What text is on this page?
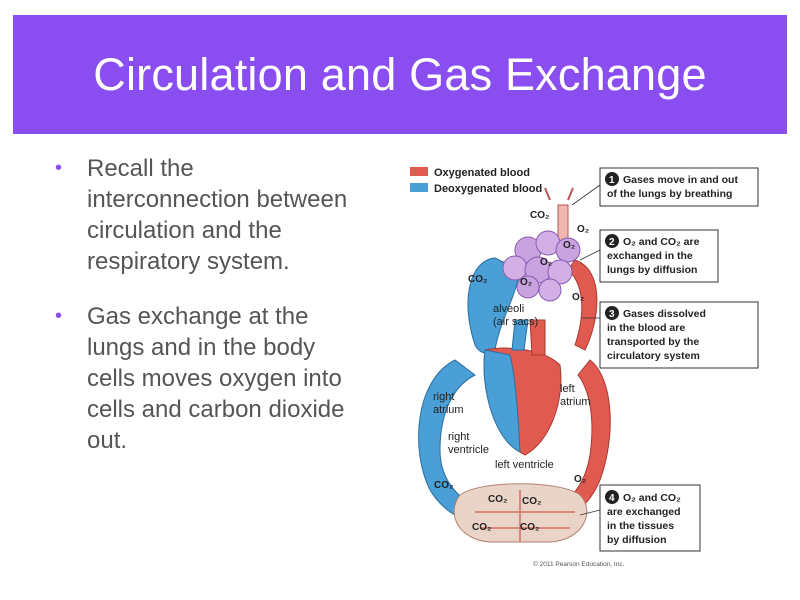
Circulation and Gas Exchange
• Recall the interconnection between circulation and the respiratory system.
• Gas exchange at the lungs and in the body cells moves oxygen into cells and carbon dioxide out.
Oxygenated blood
Deoxygenated blood
CO₂
O₂
O₂
O₂
O₂
CO₂
O₂
O₂
CO₂
CO₂ CO₂
CO₂	CO₂
alveoli
(air sacs)
left
atrium
right
atrium
right
ventricle
left ventricle
1 Gases move in and out
of the lungs by breathing
2 O₂ and CO₂ are
exchanged in the
lungs by diffusion
3 Gases dissolved
in the blood are
transported by the
circulatory system
4 O₂ and CO₂
are exchanged
in the tissues
by diffusion
© 2011 Pearson Education, Inc.
